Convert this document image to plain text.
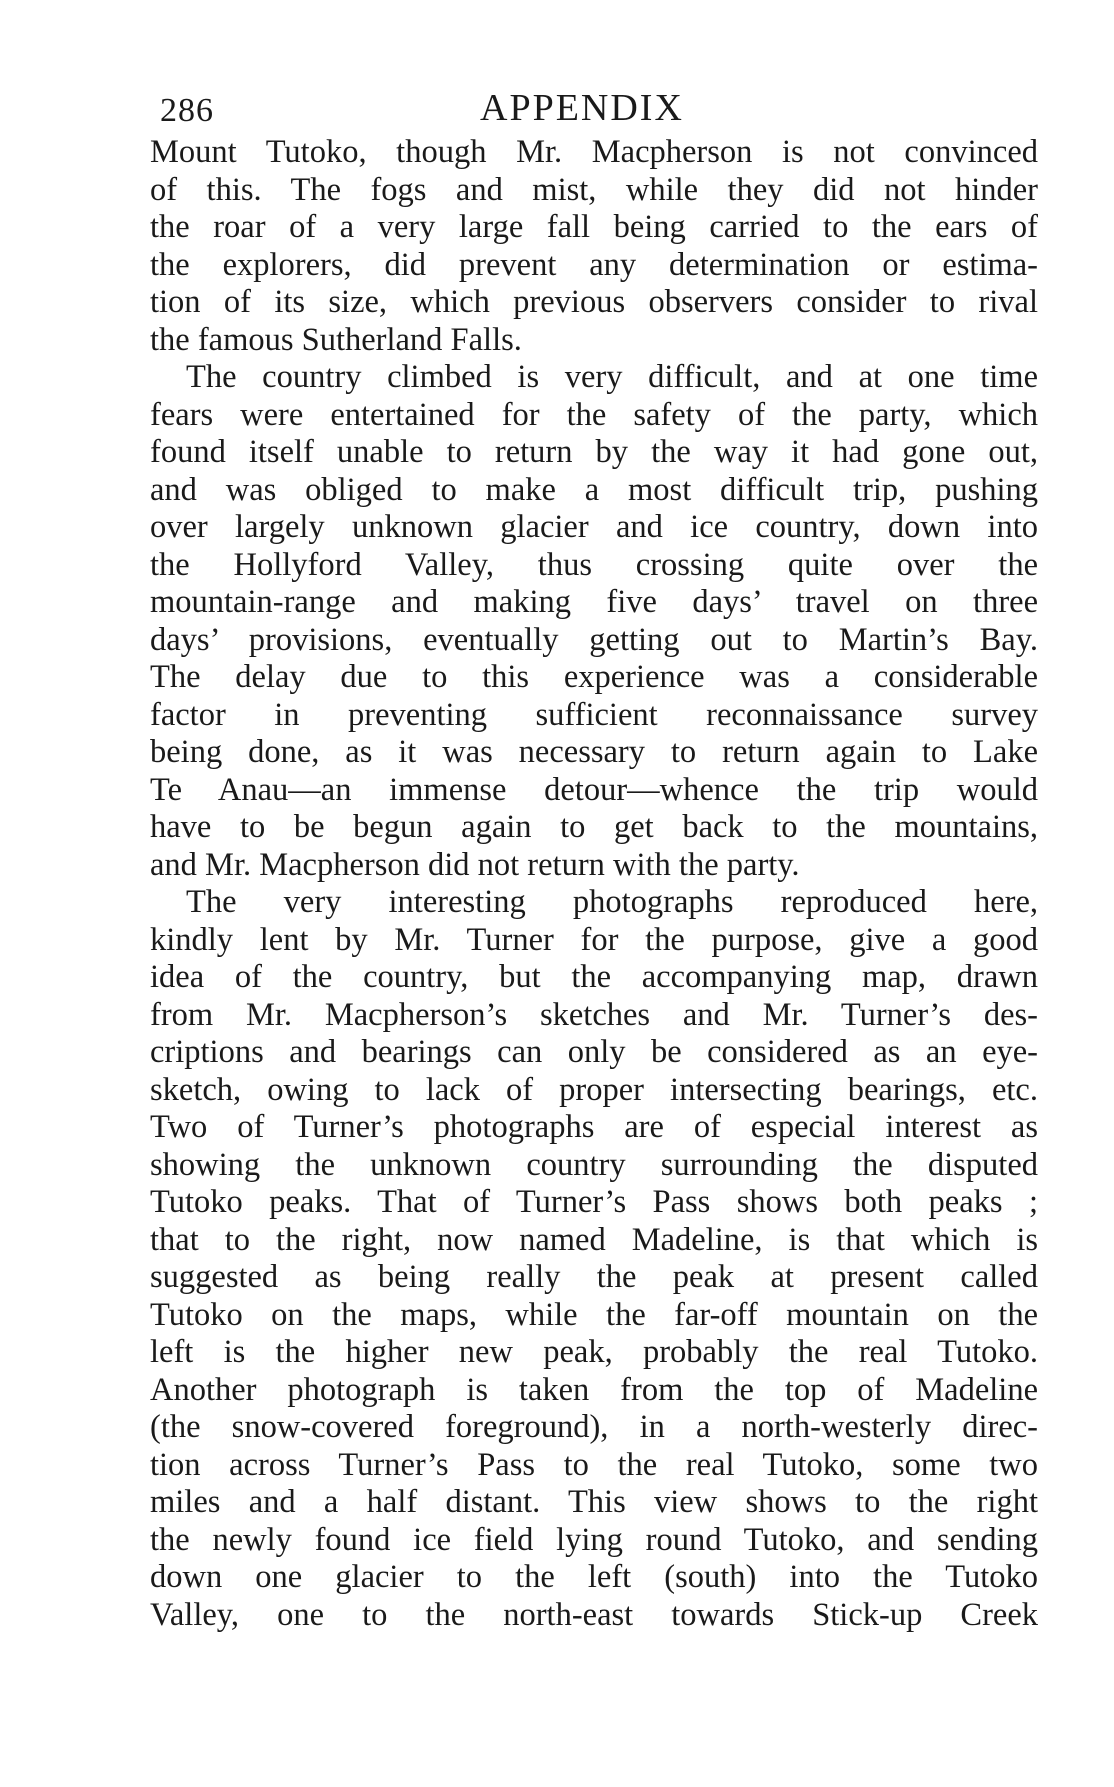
286	APPENDIX
Mount Tutoko, though Mr. Macpherson is not convinced
of this. The fogs and mist, while they did not hinder
the roar of a very large fall being carried to the ears of
the explorers, did prevent any determination or estima-
tion of its size, which previous observers consider to rival
the famous Sutherland Falls.
The country climbed is very difficult, and at one time
fears were entertained for the safety of the party, which
found itself unable to return by the way it had gone out,
and was obliged to make a most difficult trip, pushing
over largely unknown glacier and ice country, down into
the Hollyford Valley, thus crossing quite over the
mountain-range and making five days’ travel on three
days’ provisions, eventually getting out to Martin’s Bay.
The delay due to this experience was a considerable
factor in preventing sufficient reconnaissance survey
being done, as it was necessary to return again to Lake
Te Anau—an immense detour—whence the trip would
have to be begun again to get back to the mountains,
and Mr. Macpherson did not return with the party.
The very interesting photographs reproduced here,
kindly lent by Mr. Turner for the purpose, give a good
idea of the country, but the accompanying map, drawn
from Mr. Macpherson’s sketches and Mr. Turner’s des-
criptions and bearings can only be considered as an eye-
sketch, owing to lack of proper intersecting bearings, etc.
Two of Turner’s photographs are of especial interest as
showing the unknown country surrounding the disputed
Tutoko peaks. That of Turner’s Pass shows both peaks ;
that to the right, now named Madeline, is that which is
suggested as being really the peak at present called
Tutoko on the maps, while the far-off mountain on the
left is the higher new peak, probably the real Tutoko.
Another photograph is taken from the top of Madeline
(the snow-covered foreground), in a north-westerly direc-
tion across Turner’s Pass to the real Tutoko, some two
miles and a half distant. This view shows to the right
the newly found ice field lying round Tutoko, and sending
down one glacier to the left (south) into the Tutoko
Valley, one to the north-east towards Stick-up Creek
